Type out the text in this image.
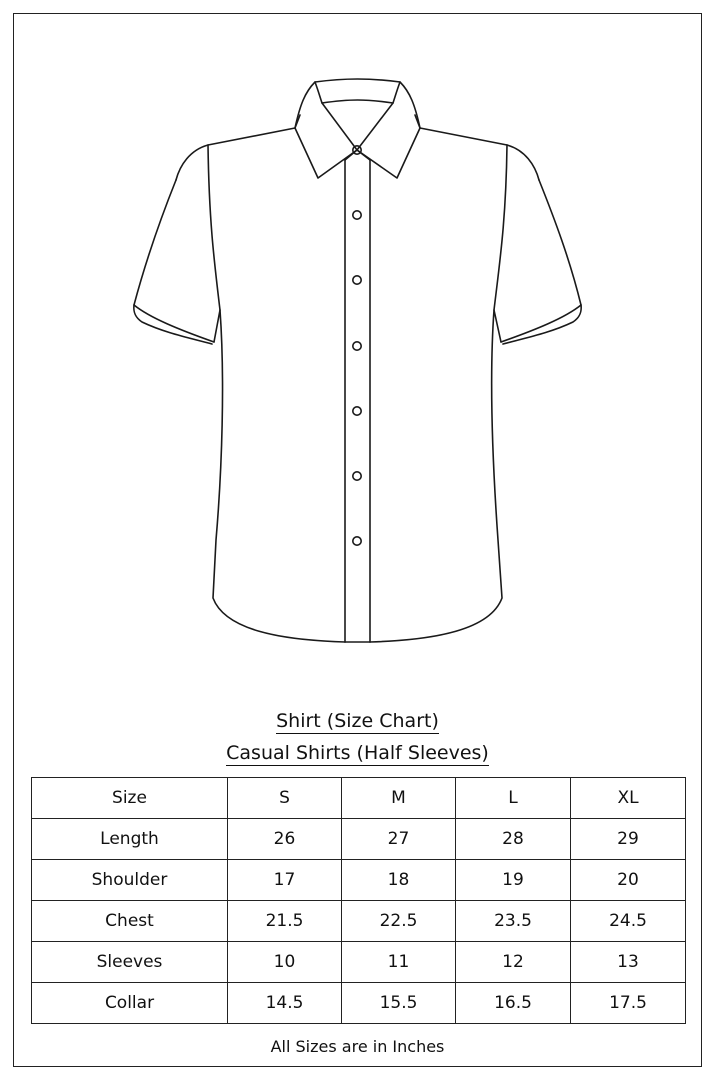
Shirt (Size Chart)
Casual Shirts (Half Sleeves)
Size	S	M	L	XL
Length	26	27	28	29
Shoulder	17	18	19	20
Chest	21.5	22.5	23.5	24.5
Sleeves	10	11	12	13
Collar	14.5	15.5	16.5	17.5
All Sizes are in Inches
